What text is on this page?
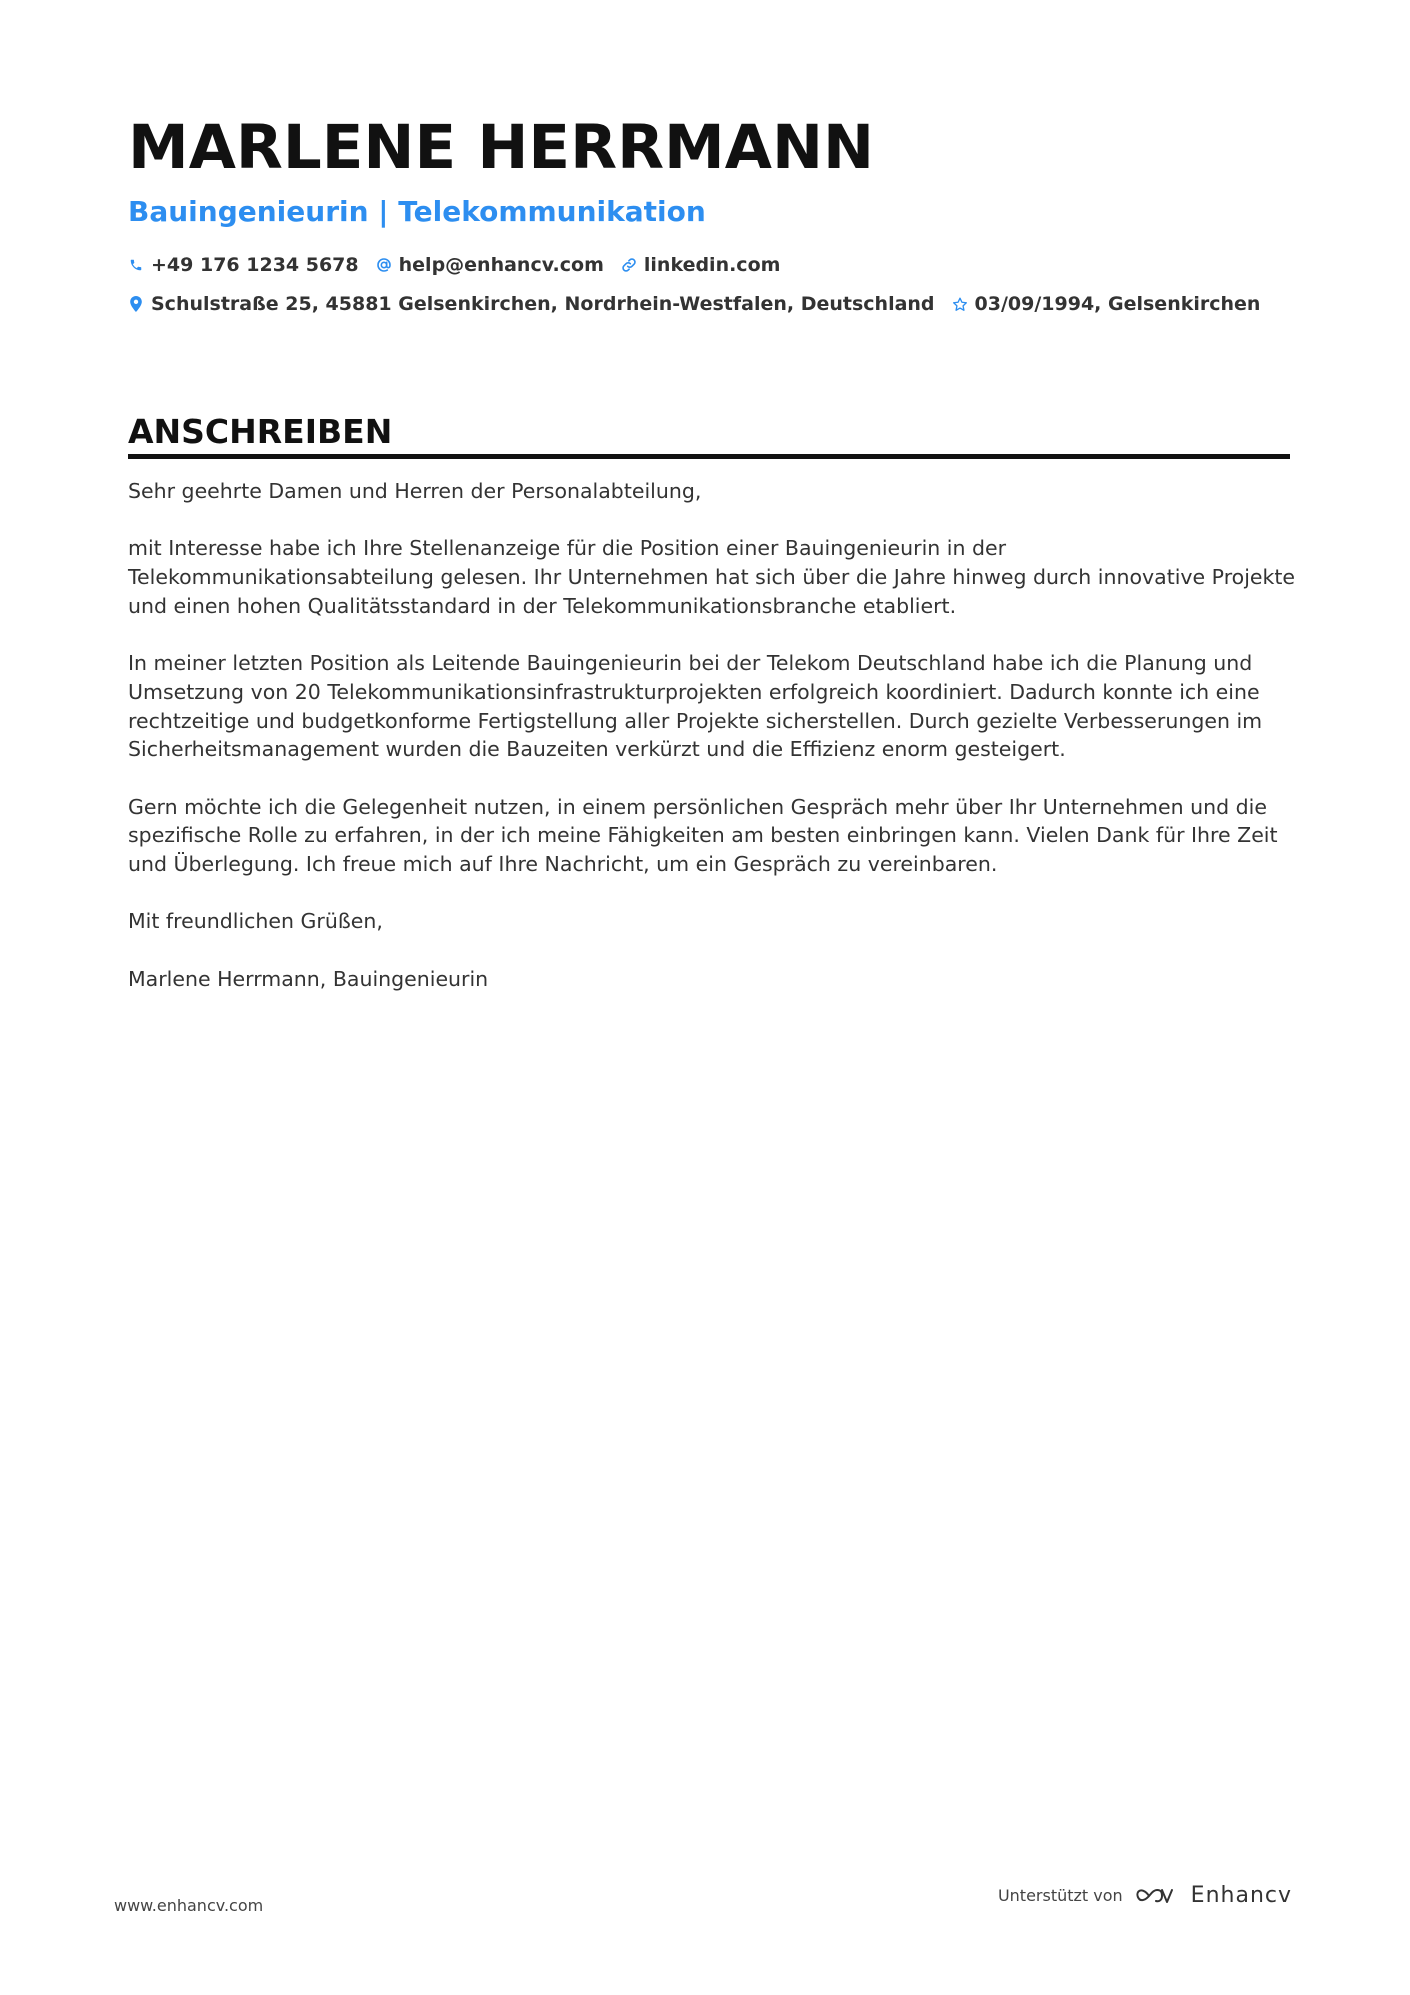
MARLENE HERRMANN
Bauingenieurin | Telekommunikation
+49 176 1234 5678 help@enhancv.com linkedin.com
Schulstraße 25, 45881 Gelsenkirchen, Nordrhein-Westfalen, Deutschland 03/09/1994, Gelsenkirchen
ANSCHREIBEN

Sehr geehrte Damen und Herren der Personalabteilung,

mit Interesse habe ich Ihre Stellenanzeige für die Position einer Bauingenieurin in der Telekommunikationsabteilung gelesen. Ihr Unternehmen hat sich über die Jahre hinweg durch innovative Projekte und einen hohen Qualitätsstandard in der Telekommunikationsbranche etabliert.

In meiner letzten Position als Leitende Bauingenieurin bei der Telekom Deutschland habe ich die Planung und Umsetzung von 20 Telekommunikationsinfrastrukturprojekten erfolgreich koordiniert. Dadurch konnte ich eine rechtzeitige und budgetkonforme Fertigstellung aller Projekte sicherstellen. Durch gezielte Verbesserungen im Sicherheitsmanagement wurden die Bauzeiten verkürzt und die Effizienz enorm gesteigert.

Gern möchte ich die Gelegenheit nutzen, in einem persönlichen Gespräch mehr über Ihr Unternehmen und die spezifische Rolle zu erfahren, in der ich meine Fähigkeiten am besten einbringen kann. Vielen Dank für Ihre Zeit und Überlegung. Ich freue mich auf Ihre Nachricht, um ein Gespräch zu vereinbaren.

Mit freundlichen Grüßen,

Marlene Herrmann, Bauingenieurin

www.enhancv.com
Unterstützt von	Enhancv
